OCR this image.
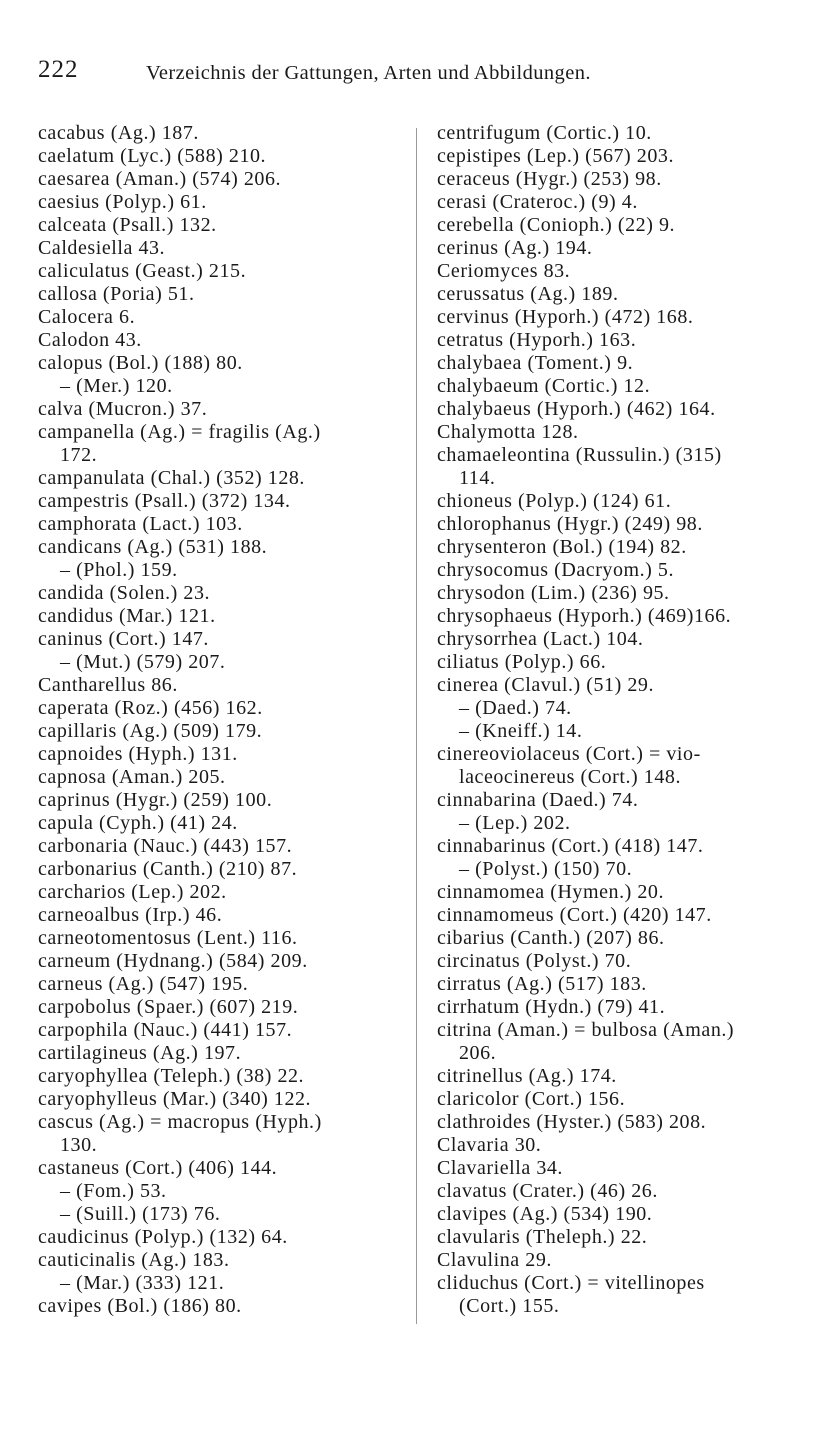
222	Verzeichnis der Gattungen, Arten und Abbildungen.
cacabus (Ag.) 187.
caelatum (Lyc.) (588) 210.
caesarea (Aman.) (574) 206.
caesius (Polyp.) 61.
calceata (Psall.) 132.
Caldesiella 43.
caliculatus (Geast.) 215.
callosa (Poria) 51.
Calocera 6.
Calodon 43.
calopus (Bol.) (188) 80.
– (Mer.) 120.
calva (Mucron.) 37.
campanella (Ag.) = fragilis (Ag.)
172.
campanulata (Chal.) (352) 128.
campestris (Psall.) (372) 134.
camphorata (Lact.) 103.
candicans (Ag.) (531) 188.
– (Phol.) 159.
candida (Solen.) 23.
candidus (Mar.) 121.
caninus (Cort.) 147.
– (Mut.) (579) 207.
Cantharellus 86.
caperata (Roz.) (456) 162.
capillaris (Ag.) (509) 179.
capnoides (Hyph.) 131.
capnosa (Aman.) 205.
caprinus (Hygr.) (259) 100.
capula (Cyph.) (41) 24.
carbonaria (Nauc.) (443) 157.
carbonarius (Canth.) (210) 87.
carcharios (Lep.) 202.
carneoalbus (Irp.) 46.
carneotomentosus (Lent.) 116.
carneum (Hydnang.) (584) 209.
carneus (Ag.) (547) 195.
carpobolus (Spaer.) (607) 219.
carpophila (Nauc.) (441) 157.
cartilagineus (Ag.) 197.
caryophyllea (Teleph.) (38) 22.
caryophylleus (Mar.) (340) 122.
cascus (Ag.) = macropus (Hyph.)
130.
castaneus (Cort.) (406) 144.
– (Fom.) 53.
– (Suill.) (173) 76.
caudicinus (Polyp.) (132) 64.
cauticinalis (Ag.) 183.
– (Mar.) (333) 121.
cavipes (Bol.) (186) 80.
centrifugum (Cortic.) 10.
cepistipes (Lep.) (567) 203.
ceraceus (Hygr.) (253) 98.
cerasi (Crateroc.) (9) 4.
cerebella (Conioph.) (22) 9.
cerinus (Ag.) 194.
Ceriomyces 83.
cerussatus (Ag.) 189.
cervinus (Hyporh.) (472) 168.
cetratus (Hyporh.) 163.
chalybaea (Toment.) 9.
chalybaeum (Cortic.) 12.
chalybaeus (Hyporh.) (462) 164.
Chalymotta 128.
chamaeleontina (Russulin.) (315)
114.
chioneus (Polyp.) (124) 61.
chlorophanus (Hygr.) (249) 98.
chrysenteron (Bol.) (194) 82.
chrysocomus (Dacryom.) 5.
chrysodon (Lim.) (236) 95.
chrysophaeus (Hyporh.) (469)166.
chrysorrhea (Lact.) 104.
ciliatus (Polyp.) 66.
cinerea (Clavul.) (51) 29.
– (Daed.) 74.
– (Kneiff.) 14.
cinereoviolaceus (Cort.) = vio-
laceocinereus (Cort.) 148.
cinnabarina (Daed.) 74.
– (Lep.) 202.
cinnabarinus (Cort.) (418) 147.
– (Polyst.) (150) 70.
cinnamomea (Hymen.) 20.
cinnamomeus (Cort.) (420) 147.
cibarius (Canth.) (207) 86.
circinatus (Polyst.) 70.
cirratus (Ag.) (517) 183.
cirrhatum (Hydn.) (79) 41.
citrina (Aman.) = bulbosa (Aman.)
206.
citrinellus (Ag.) 174.
claricolor (Cort.) 156.
clathroides (Hyster.) (583) 208.
Clavaria 30.
Clavariella 34.
clavatus (Crater.) (46) 26.
clavipes (Ag.) (534) 190.
clavularis (Theleph.) 22.
Clavulina 29.
cliduchus (Cort.) = vitellinopes
(Cort.) 155.
